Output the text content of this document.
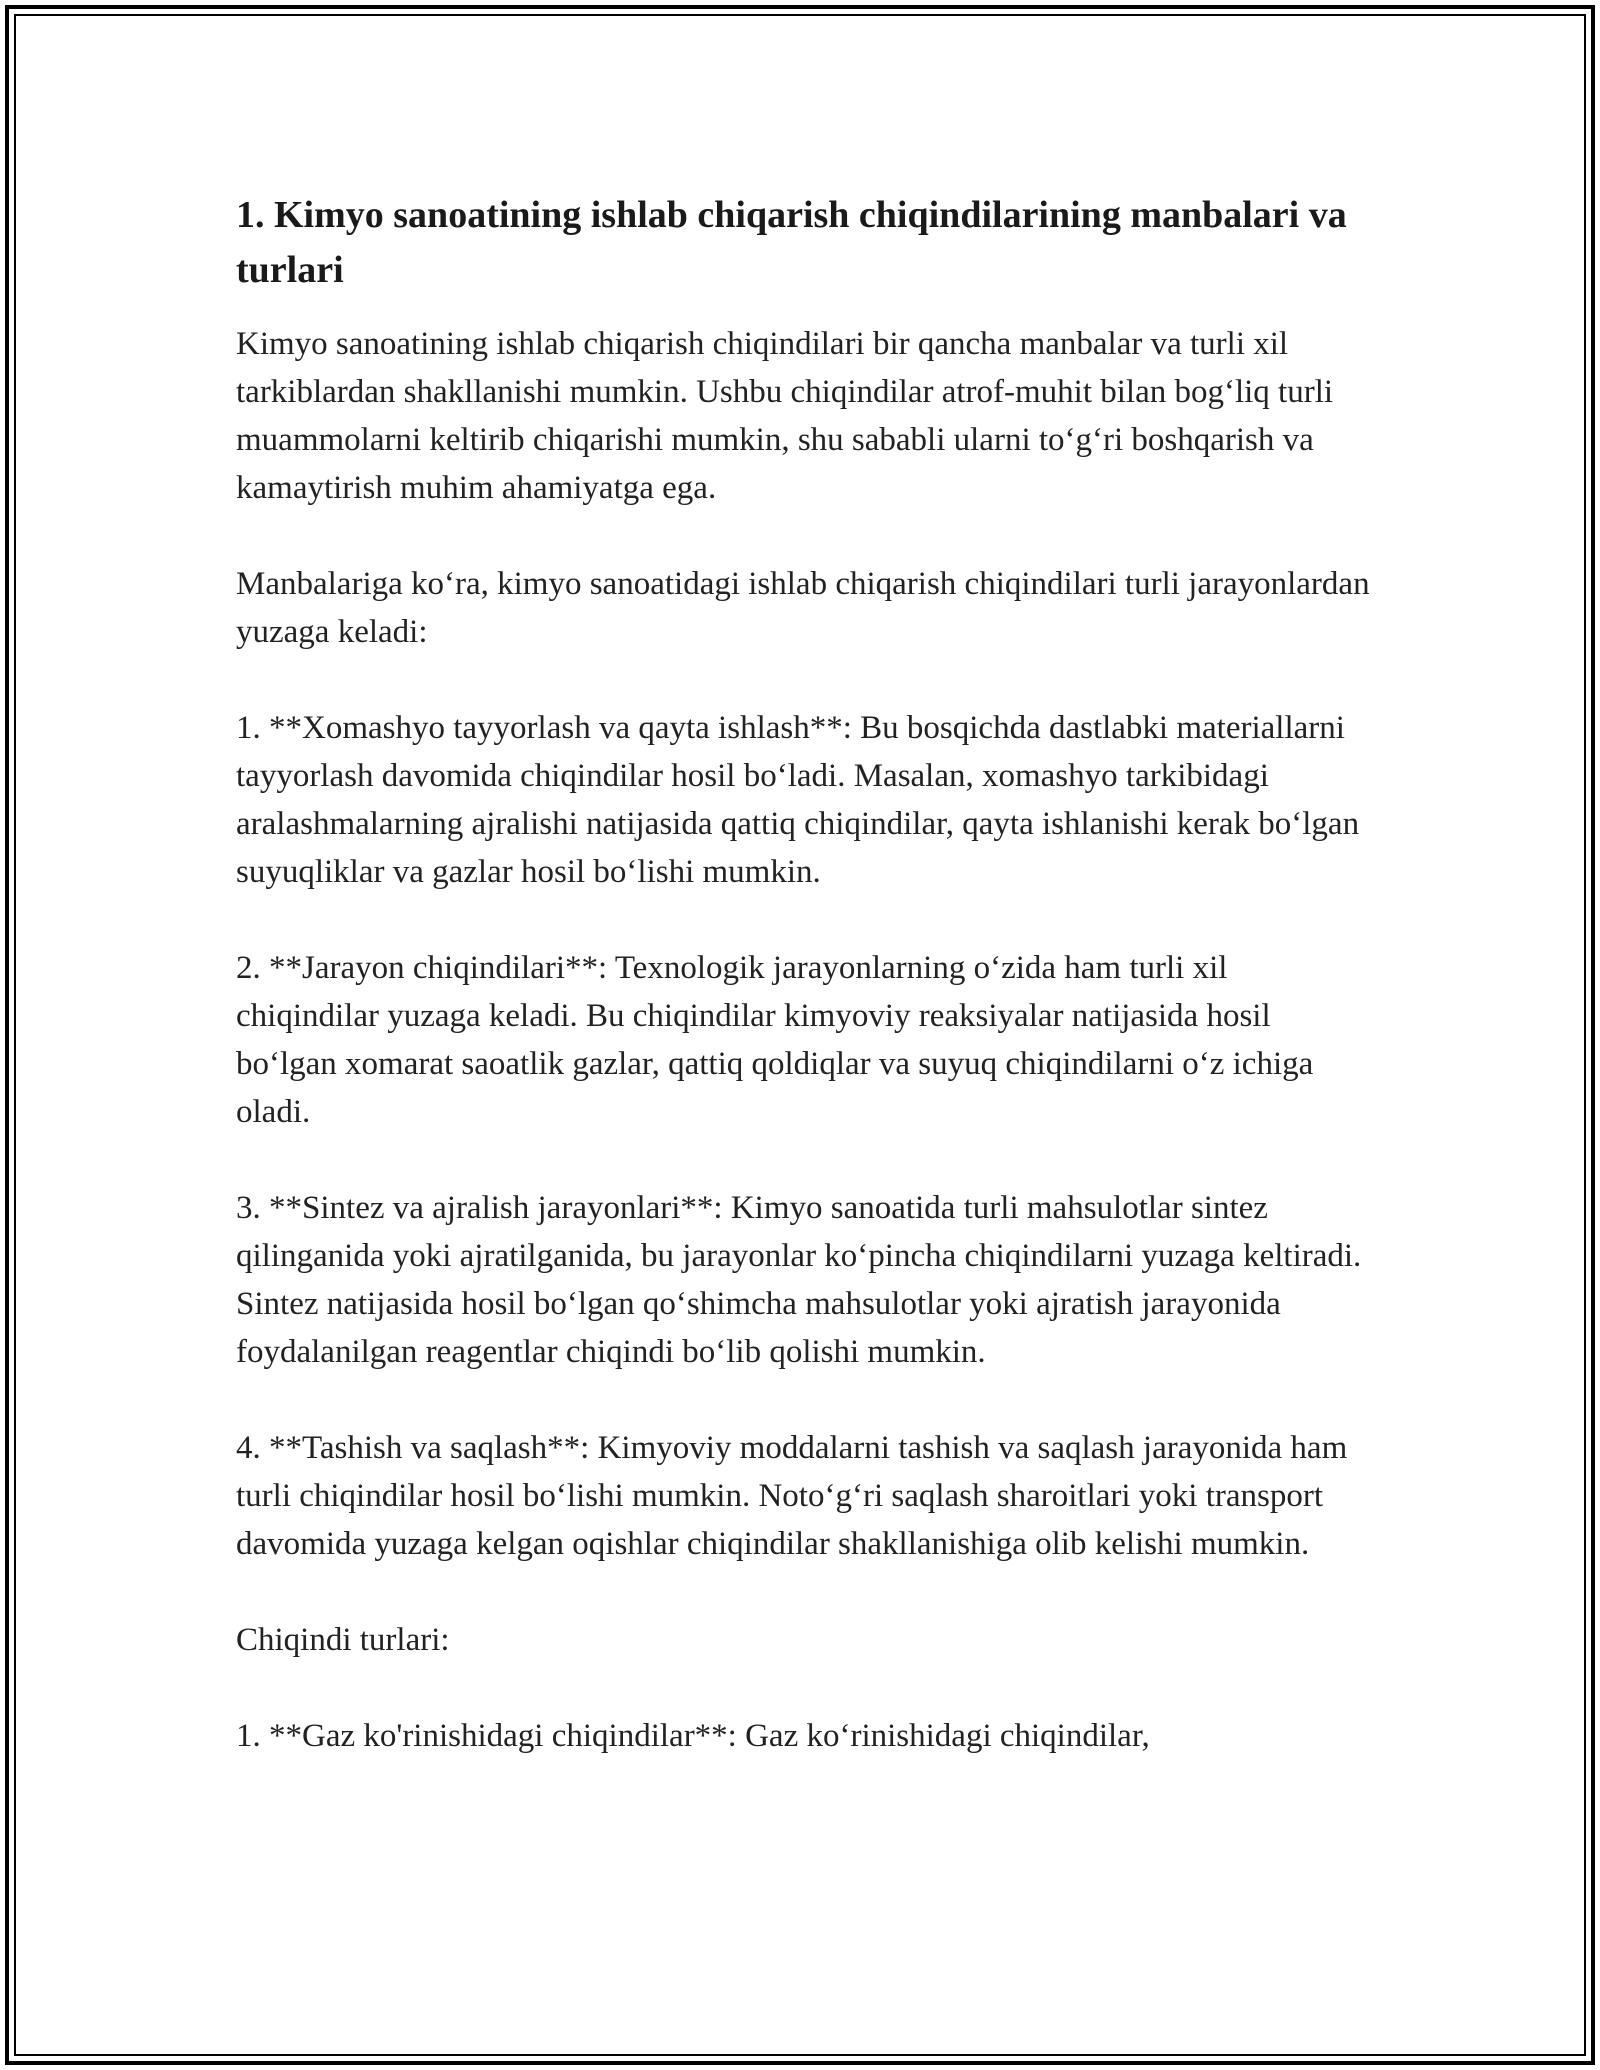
1. Kimyo sanoatining ishlab chiqarish chiqindilarining manbalari va turlari

Kimyo sanoatining ishlab chiqarish chiqindilari bir qancha manbalar va turli xil tarkiblardan shakllanishi mumkin. Ushbu chiqindilar atrof-muhit bilan bog‘liq turli muammolarni keltirib chiqarishi mumkin, shu sababli ularni to‘g‘ri boshqarish va kamaytirish muhim ahamiyatga ega.

Manbalariga ko‘ra, kimyo sanoatidagi ishlab chiqarish chiqindilari turli jarayonlardan yuzaga keladi:

1. **Xomashyo tayyorlash va qayta ishlash**: Bu bosqichda dastlabki materiallarni tayyorlash davomida chiqindilar hosil bo‘ladi. Masalan, xomashyo tarkibidagi aralashmalarning ajralishi natijasida qattiq chiqindilar, qayta ishlanishi kerak bo‘lgan suyuqliklar va gazlar hosil bo‘lishi mumkin.

2. **Jarayon chiqindilari**: Texnologik jarayonlarning o‘zida ham turli xil chiqindilar yuzaga keladi. Bu chiqindilar kimyoviy reaksiyalar natijasida hosil bo‘lgan xomarat saoatlik gazlar, qattiq qoldiqlar va suyuq chiqindilarni o‘z ichiga oladi.

3. **Sintez va ajralish jarayonlari**: Kimyo sanoatida turli mahsulotlar sintez qilinganida yoki ajratilganida, bu jarayonlar ko‘pincha chiqindilarni yuzaga keltiradi. Sintez natijasida hosil bo‘lgan qo‘shimcha mahsulotlar yoki ajratish jarayonida foydalanilgan reagentlar chiqindi bo‘lib qolishi mumkin.

4. **Tashish va saqlash**: Kimyoviy moddalarni tashish va saqlash jarayonida ham turli chiqindilar hosil bo‘lishi mumkin. Noto‘g‘ri saqlash sharoitlari yoki transport davomida yuzaga kelgan oqishlar chiqindilar shakllanishiga olib kelishi mumkin.

Chiqindi turlari:

1. **Gaz ko'rinishidagi chiqindilar**: Gaz ko‘rinishidagi chiqindilar,
